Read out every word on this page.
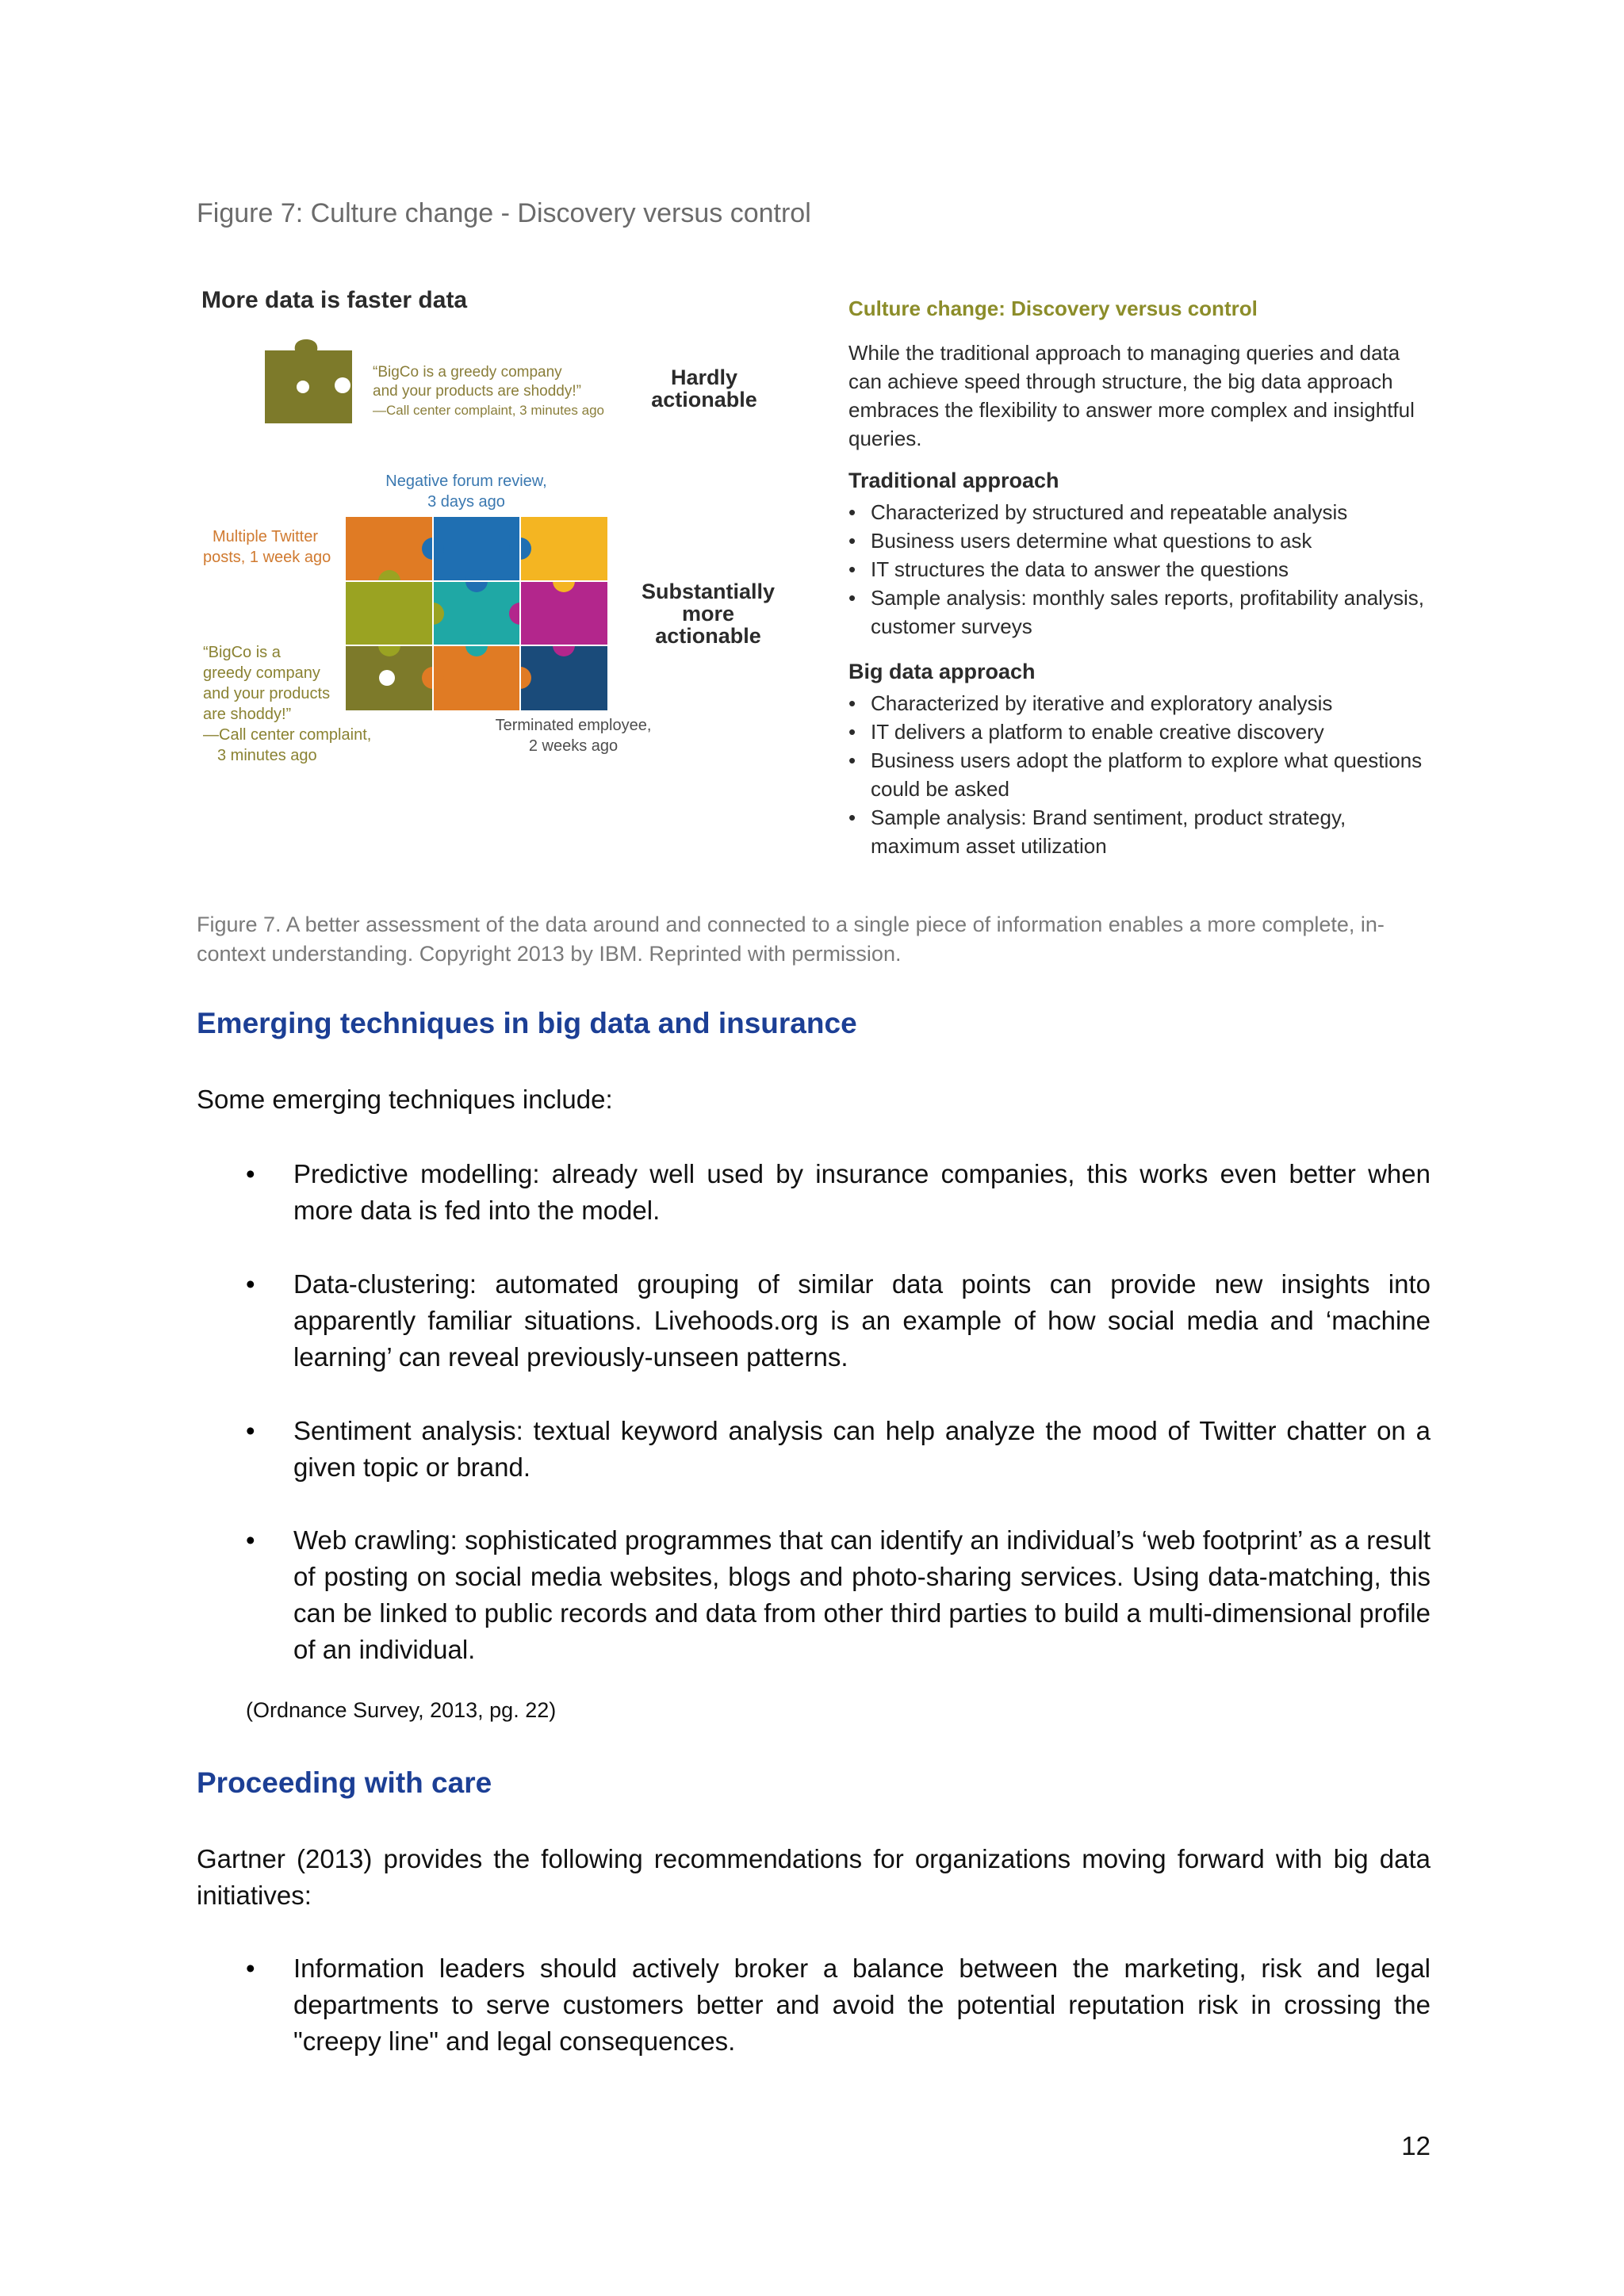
Figure 7: Culture change - Discovery versus control
More data is faster data
“BigCo is a greedy company
and your products are shoddy!”
—Call center complaint, 3 minutes ago
Hardly
actionable
Negative forum review,
3 days ago
Multiple Twitter
posts, 1 week ago
“BigCo is a
greedy company
and your products
are shoddy!”
—Call center complaint,
3 minutes ago
Substantially
more
actionable
Terminated employee,
2 weeks ago
Culture change: Discovery versus control
While the traditional approach to managing queries and data can achieve speed through structure, the big data approach embraces the flexibility to answer more complex and insightful queries.
Traditional approach
• Characterized by structured and repeatable analysis
• Business users determine what questions to ask
• IT structures the data to answer the questions
• Sample analysis: monthly sales reports, profitability analysis, customer surveys
Big data approach
• Characterized by iterative and exploratory analysis
• IT delivers a platform to enable creative discovery
• Business users adopt the platform to explore what questions could be asked
• Sample analysis: Brand sentiment, product strategy, maximum asset utilization
Figure 7. A better assessment of the data around and connected to a single piece of information enables a more complete, in-context understanding. Copyright 2013 by IBM. Reprinted with permission.
Emerging techniques in big data and insurance
Some emerging techniques include:
• Predictive modelling: already well used by insurance companies, this works even better when more data is fed into the model.
• Data-clustering: automated grouping of similar data points can provide new insights into apparently familiar situations. Livehoods.org is an example of how social media and ‘machine learning’ can reveal previously-unseen patterns.
• Sentiment analysis: textual keyword analysis can help analyze the mood of Twitter chatter on a given topic or brand.
• Web crawling: sophisticated programmes that can identify an individual’s ‘web footprint’ as a result of posting on social media websites, blogs and photo-sharing services. Using data-matching, this can be linked to public records and data from other third parties to build a multi-dimensional profile of an individual.
(Ordnance Survey, 2013, pg. 22)
Proceeding with care
Gartner (2013) provides the following recommendations for organizations moving forward with big data initiatives:
• Information leaders should actively broker a balance between the marketing, risk and legal departments to serve customers better and avoid the potential reputation risk in crossing the "creepy line" and legal consequences.
12
